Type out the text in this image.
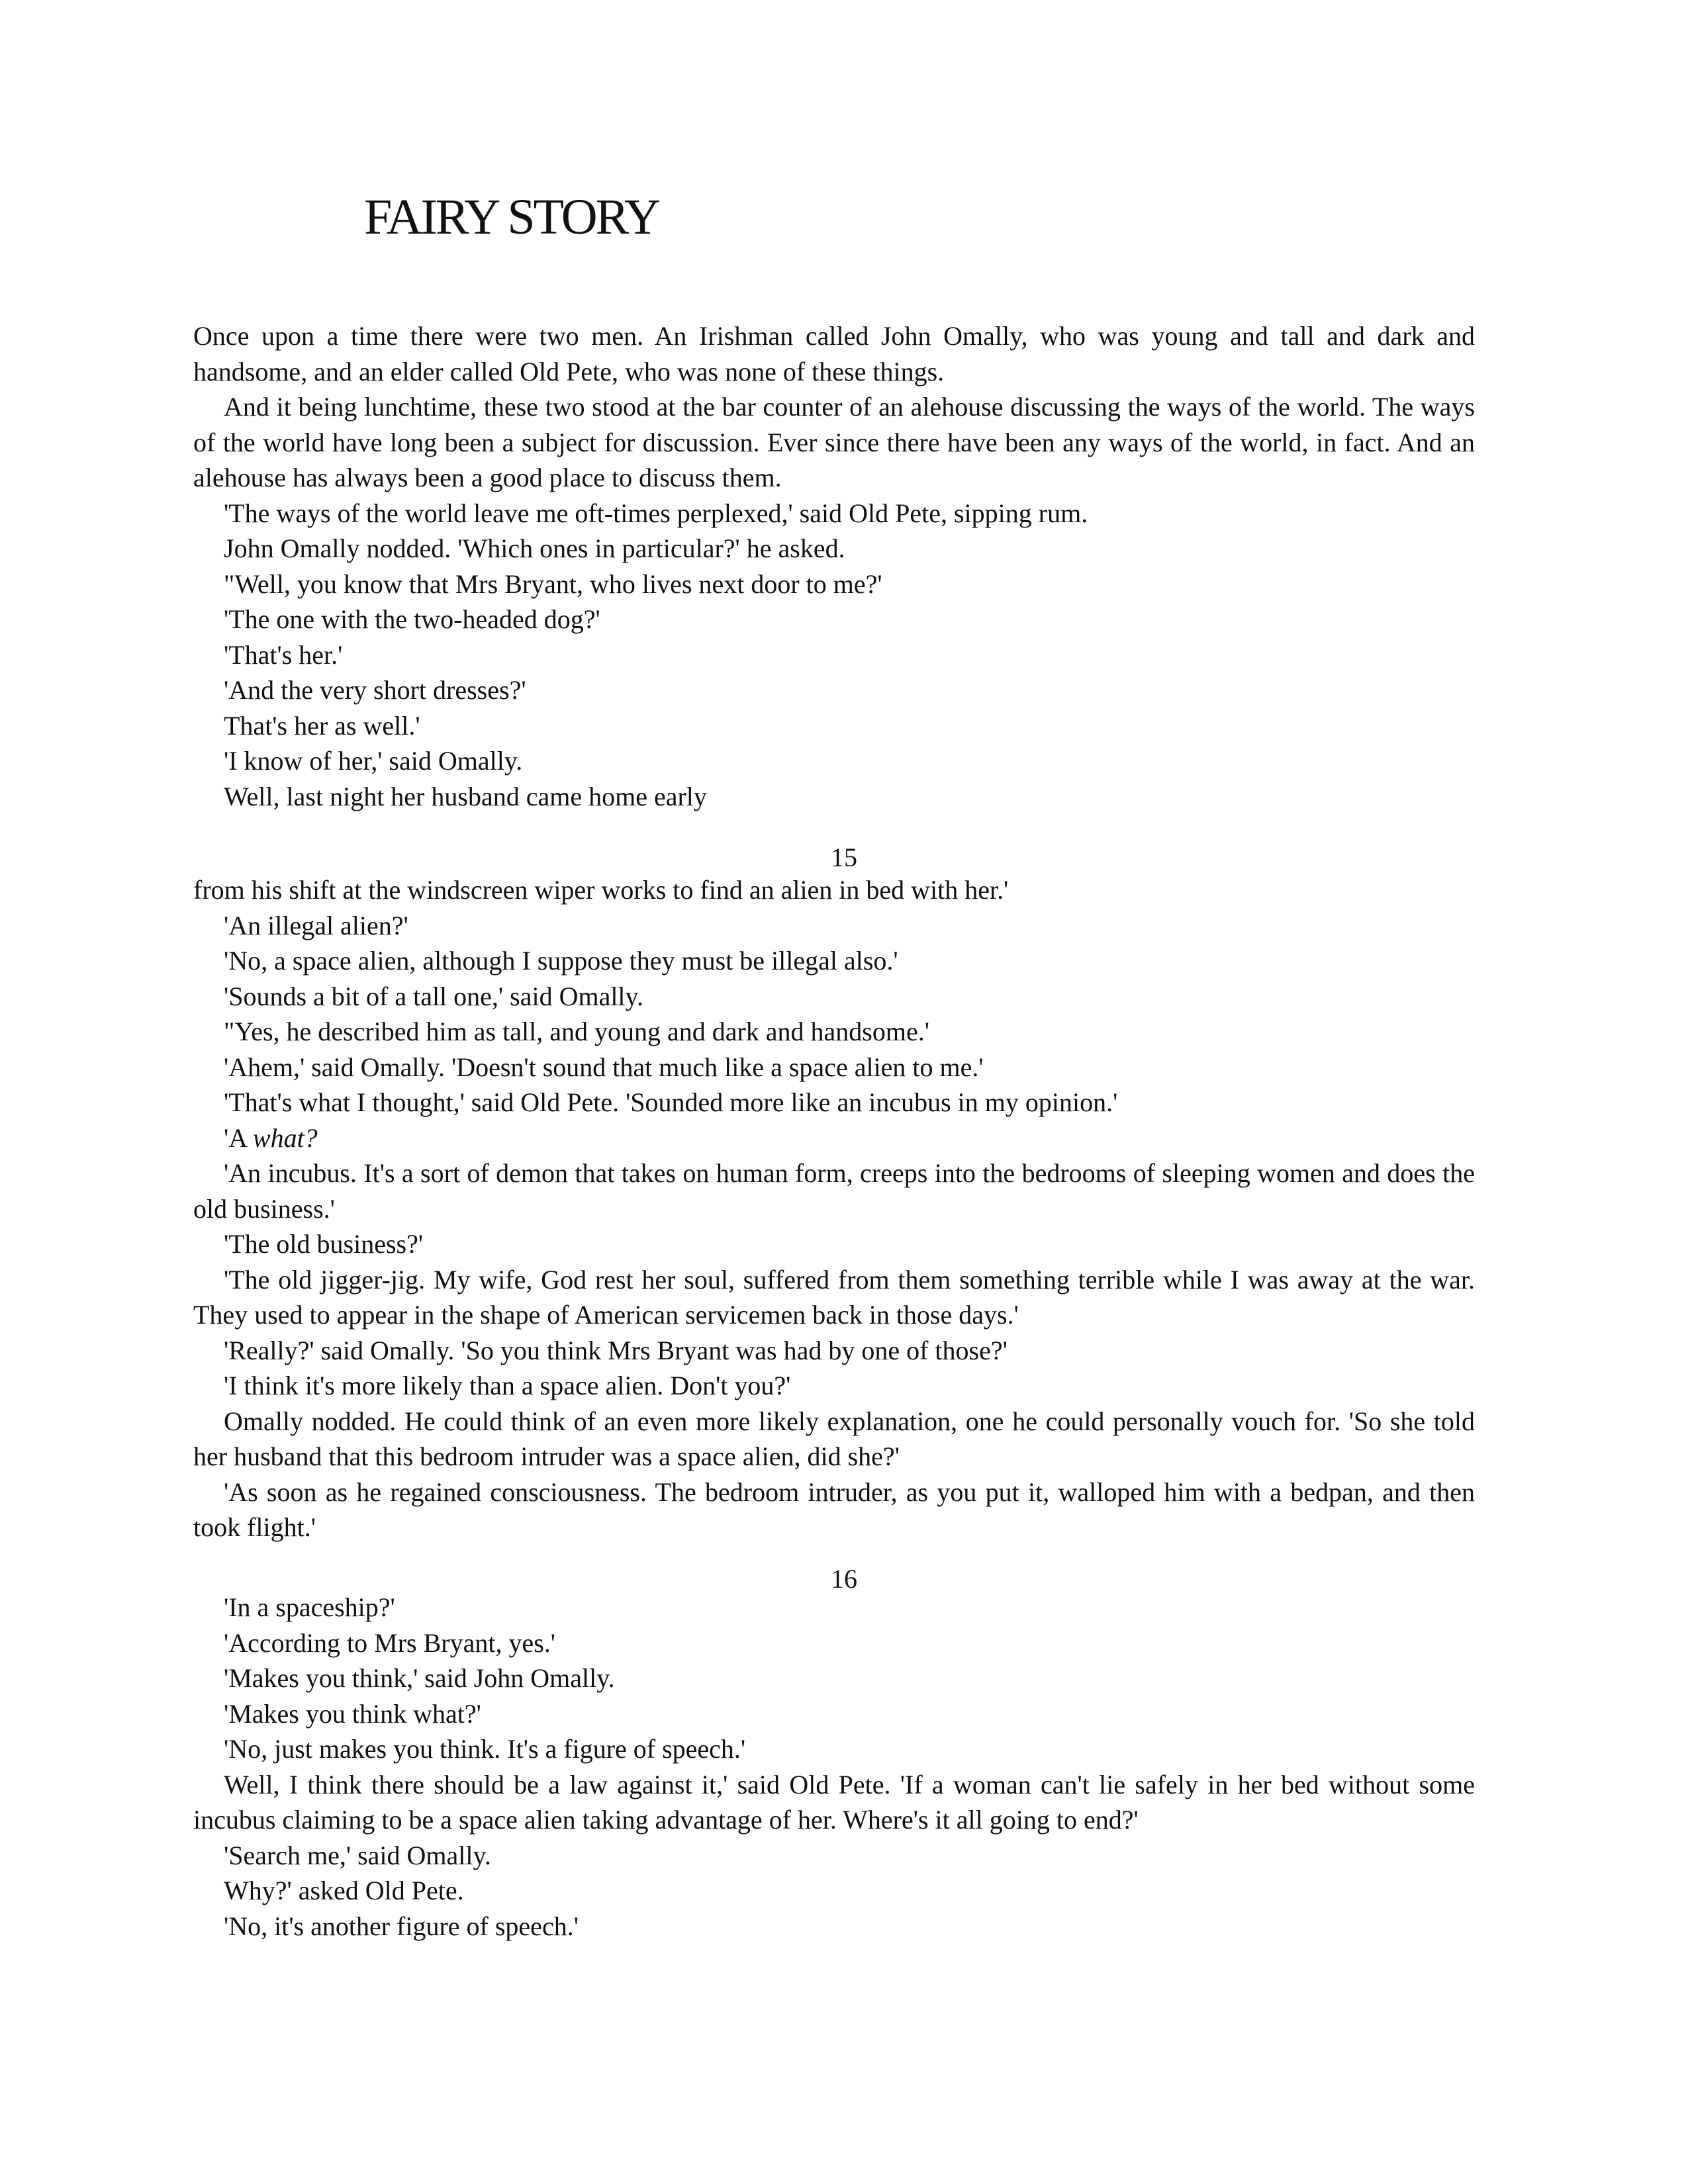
FAIRY STORY

Once upon a time there were two men. An Irishman called John Omally, who was young and tall and dark and handsome, and an elder called Old Pete, who was none of these things.

And it being lunchtime, these two stood at the bar counter of an alehouse discussing the ways of the world. The ways of the world have long been a subject for discussion. Ever since there have been any ways of the world, in fact. And an alehouse has always been a good place to discuss them.

'The ways of the world leave me oft-times perplexed,' said Old Pete, sipping rum.

John Omally nodded. 'Which ones in particular?' he asked.

"Well, you know that Mrs Bryant, who lives next door to me?'

'The one with the two-headed dog?'

'That's her.'

'And the very short dresses?'

That's her as well.'

'I know of her,' said Omally.

Well, last night her husband came home early

15

from his shift at the windscreen wiper works to find an alien in bed with her.'

'An illegal alien?'

'No, a space alien, although I suppose they must be illegal also.'

'Sounds a bit of a tall one,' said Omally.

"Yes, he described him as tall, and young and dark and handsome.'

'Ahem,' said Omally. 'Doesn't sound that much like a space alien to me.'

'That's what I thought,' said Old Pete. 'Sounded more like an incubus in my opinion.'

'A what?

'An incubus. It's a sort of demon that takes on human form, creeps into the bedrooms of sleeping women and does the old business.'

'The old business?'

'The old jigger-jig. My wife, God rest her soul, suffered from them something terrible while I was away at the war. They used to appear in the shape of American servicemen back in those days.'

'Really?' said Omally. 'So you think Mrs Bryant was had by one of those?'

'I think it's more likely than a space alien. Don't you?'

Omally nodded. He could think of an even more likely explanation, one he could personally vouch for. 'So she told her husband that this bedroom intruder was a space alien, did she?'

'As soon as he regained consciousness. The bedroom intruder, as you put it, walloped him with a bedpan, and then took flight.'

16

'In a spaceship?'

'According to Mrs Bryant, yes.'

'Makes you think,' said John Omally.

'Makes you think what?'

'No, just makes you think. It's a figure of speech.'

Well, I think there should be a law against it,' said Old Pete. 'If a woman can't lie safely in her bed without some incubus claiming to be a space alien taking advantage of her. Where's it all going to end?'

'Search me,' said Omally.

Why?' asked Old Pete.

'No, it's another figure of speech.'
